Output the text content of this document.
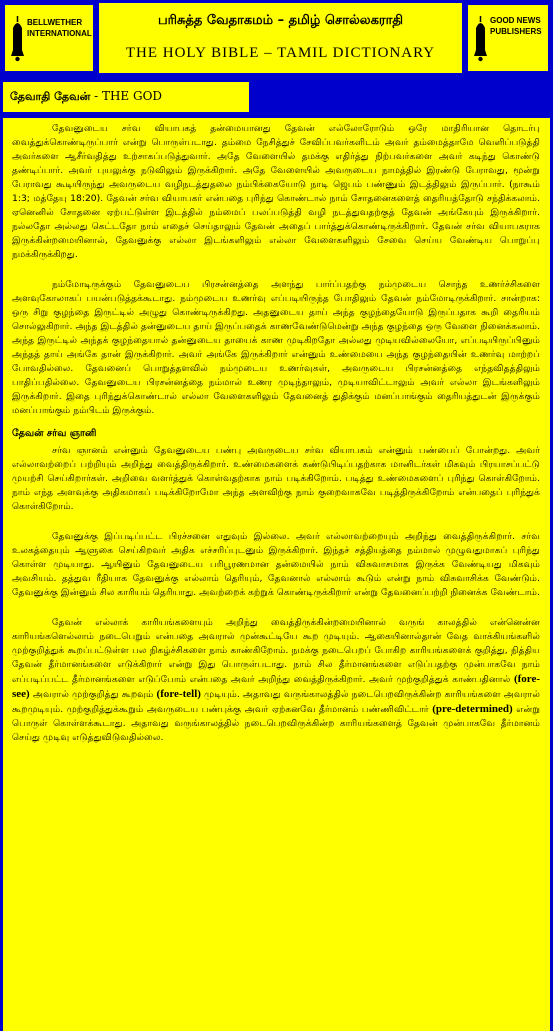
BELLWETHER INTERNATIONAL
பரிசுத்த வேதாகமம் – தமிழ் சொல்லகராதி
THE HOLY BIBLE – TAMIL DICTIONARY
GOOD NEWS PUBLISHERS
தேவாதி தேவன் - THE GOD

தேவனுடைய சர்வ வியாபகத் தன்மையானது தேவன் எல்லோரோடும் ஒரே மாதிரியான தொடர்பு வைத்துக்கொண்டிருப்பார் என்று பொருள்படாது. தம்மை நேசித்துச் சேவிப்பவர்களிடம் அவர் தம்மைத்தாமே வெளிப்படுத்தி அவர்களை ஆசீர்வதித்து உற்சாகப்படுத்துவார். அதே வேளையில் தமக்கு எதிர்த்து நிற்பவர்களை அவர் கடிந்து கொண்டு தண்டிப்பார். அவர் புயலுக்கு நடுவிலும் இருக்கிறார். அதே வேளையில் அவருடைய நாமத்தில் இரண்டு பேராவது, மூன்று பேராவது கூடியிருந்து அவருடைய வழிநடத்துதலை நம்பிக்கையோடு நாடி ஜெபம் பண்ணும் இடத்திலும் இருப்பார். (நாகூம் 1:3; மத்தேயு 18:20). தேவன் சர்வ வியாபகர் என்பதை புரிந்து கொண்டால் நாம் சோதனைகளைத் தைரியத்தோடு சந்திக்கலாம். ஏனெனில் சோதனை ஏற்பட்டுள்ள இடத்தில் நம்மைப் பலப்படுத்தி வழி நடத்துவதற்குத் தேவன் அங்கேயும் இருக்கிறார். நல்லதோ அல்லது கெட்டதோ நாம் எதைச் செய்தாலும் தேவன் அதைப் பார்த்துக்கொண்டிருக்கிறார். தேவன் சர்வ வியாபகராக இருக்கின்றமையினால், தேவனுக்கு எல்லா இடங்களிலும் எல்லா வேளைகளிலும் சேவை செய்ய வேண்டிய பொறுப்பு நமக்கிருக்கிறது.

நம்மோடிருக்கும் தேவனுடைய பிரசன்னத்தை அளந்து பார்ப்பதற்கு நம்முடைய சொந்த உணர்ச்சிகளை அளவுகோலாகப் பயன்படுத்தக்கூடாது. நம்முடைய உணர்வு எப்படியிருந்த போதிலும் தேவன் நம்மோடிருக்கிறார். சான்றாக: ஒரு சிறு குழந்தை இருட்டில் அழுது கொண்டிருக்கிறது. அதனுடைய தாய் அந்த குழந்தையோடு இருப்பதாக கூறி தைரியம் சொல்லுகிறார். அந்த இடத்தில் தன்னுடைய தாய் இருப்பதைக் காணவேண்டுமென்று அந்த குழந்தை ஒரு வேளை நினைக்கலாம். அந்த இருட்டில் அந்தக் குழந்தையால் தன்னுடைய தாயைக் காண முடிகிறதோ அல்லது முடியவில்லையோ, எப்படியிருப்பினும் அந்தத் தாய் அங்கே தான் இருக்கிறார். அவர் அங்கே இருக்கிறார் என்னும் உண்மையை அந்த குழந்தையின் உணர்வு மாற்றப் போவதில்லை. தேவனைப் பொறுத்தளவில் நம்முடைய உணர்வுகள், அவருடைய பிரசன்னத்தை எந்தவிதத்திலும் பாதிப்பதில்லை. தேவனுடைய பிரசன்னத்தை நம்மால் உணர முடிந்தாலும், முடியாவிட்டாலும் அவர் எல்லா இடங்களிலும் இருக்கிறார். இதை புரிந்துக்கொண்டால் எல்லா வேளைகளிலும் தேவனைத் துதிக்கும் மனப்பாங்கும் தைரியத்துடன் இருக்கும் மனப்பாங்கும் நம்பிடம் இருக்கும்.

தேவன் சர்வ ஞானி

சர்வ ஞானம் என்னும் தேவனுடைய பண்பு அவருடைய சர்வ வியாபகம் என்னும் பண்பைப் போன்றது. அவர் எல்லாவற்றைப் பற்றியும் அறிந்து வைத்திருக்கிறார். உண்மைகளைக் கண்டுபிடிப்பதற்காக மானிடர்கள் மிகவும் பிரயாசப்பட்டு முயற்சி செய்கிறார்கள். அறிவை வளர்த்துக் கொள்வதற்காக நாம் படிக்கிறோம். படித்து உண்மைகளைப் புரிந்து கொள்கிறோம். நாம் எந்த அளவுக்கு அதிகமாகப் படிக்கிறோமோ அந்த அளவிற்கு நாம் குறைவாகவே படித்திருக்கிறோம் என்பதைப் புரிந்துக் கொள்கிறோம்.

தேவனுக்கு இப்படிப்பட்ட பிரச்சனை எதுவும் இல்லை. அவர் எல்லாவற்றையும் அறிந்து வைத்திருக்கிறார். சர்வ உலகத்தையும் ஆளுகை செய்கிறவர் அதிக எச்சரிப்புடனும் இருக்கிறார். இந்தச் சத்தியத்தை நம்மால் முழுவதுமாகப் புரிந்து கொள்ள முடியாது. ஆயினும் தேவனுடைய பரிபூரணமான தன்மையில் நாம் விசுவாசமாக இருக்க வேண்டியது மிகவும் அவசியம். தத்துவ ரீதியாக தேவனுக்கு எல்லாம் தெரியும், தேவனால் எல்லாம் கூடும் என்று நாம் விசுவாசிக்க வேண்டும். தேவனுக்கு இன்னும் சில காரியம் தெரியாது. அவற்றைக் கற்றுக் கொண்டிருக்கிறார் என்று தேவனைப்பற்றி நினைக்க வேண்டாம்.

தேவன் எல்லாக் காரியங்களையும் அறிந்து வைத்திருக்கின்றமையினால் வருங் காலத்தில் என்னென்ன காரியங்களெல்லாம் நடைபெறும் என்பதை அவரால் முன்கூட்டியே கூற முடியும். ஆகையினால்தான் வேத வாக்கியங்களில் முற்குறித்துக் கூறப்பட்டுள்ள பல நிகழ்ச்சிகளை நாம் காண்கிறோம். நமக்கு நடைபெறப் போகிற காரியங்களைக் குறித்து, நித்திய தேவன் தீர்மானங்களை எடுக்கிறார் என்று இது பொருள்படாது. நாம் சில தீர்மானங்களை எடுப்பதற்கு முன்பாகவே நாம் எப்படிப்பட்ட தீர்மானங்களை எடுப்போம் என்பதை அவர் அறிந்து வைத்திருக்கிறார். அவர் முற்குறித்துக் காண்பதினால் (fore-see) அவரால் முற்குறித்து கூறவும் (fore-tell) முடியும். அதாவது வருங்காலத்தில் நடைபெறவிருக்கின்ற காரியங்களை அவரால் கூறமுடியும். முற்குறித்துக்கூறும் அவருடைய பண்புக்கு அவர் ஏற்கனவே தீர்மானம் பண்ணிவிட்டார் (pre-determined) என்று பொருள் கொள்ளக்கூடாது. அதாவது வருங்காலத்தில் நடைபெறவிருக்கின்ற காரியங்களைத் தேவன் முன்பாகவே தீர்மானம் செய்து முடிவு எடுத்துவிடுவதில்லை.
